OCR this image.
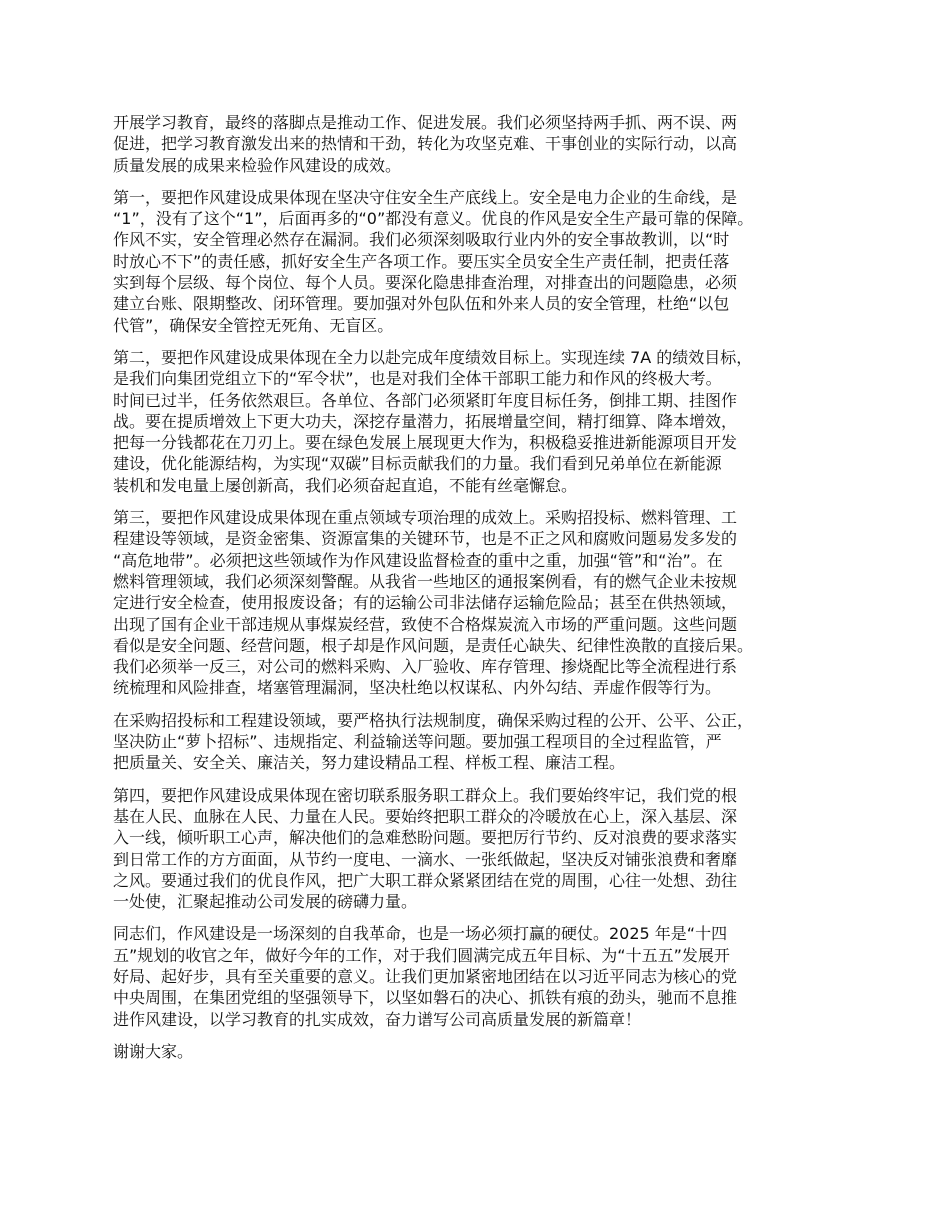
开展学习教育，最终的落脚点是推动工作、促进发展。我们必须坚持两手抓、两不误、两
促进，把学习教育激发出来的热情和干劲，转化为攻坚克难、干事创业的实际行动，以高
质量发展的成果来检验作风建设的成效。
第一，要把作风建设成果体现在坚决守住安全生产底线上。安全是电力企业的生命线，是
“1”，没有了这个“1”，后面再多的“0”都没有意义。优良的作风是安全生产最可靠的保障。
作风不实，安全管理必然存在漏洞。我们必须深刻吸取行业内外的安全事故教训，以“时
时放心不下”的责任感，抓好安全生产各项工作。要压实全员安全生产责任制，把责任落
实到每个层级、每个岗位、每个人员。要深化隐患排查治理，对排查出的问题隐患，必须
建立台账、限期整改、闭环管理。要加强对外包队伍和外来人员的安全管理，杜绝“以包
代管”，确保安全管控无死角、无盲区。
第二，要把作风建设成果体现在全力以赴完成年度绩效目标上。实现连续 7A 的绩效目标，
是我们向集团党组立下的“军令状”，也是对我们全体干部职工能力和作风的终极大考。
时间已过半，任务依然艰巨。各单位、各部门必须紧盯年度目标任务，倒排工期、挂图作
战。要在提质增效上下更大功夫，深挖存量潜力，拓展增量空间，精打细算、降本增效，
把每一分钱都花在刀刃上。要在绿色发展上展现更大作为，积极稳妥推进新能源项目开发
建设，优化能源结构，为实现“双碳”目标贡献我们的力量。我们看到兄弟单位在新能源
装机和发电量上屡创新高，我们必须奋起直追，不能有丝毫懈怠。
第三，要把作风建设成果体现在重点领域专项治理的成效上。采购招投标、燃料管理、工
程建设等领域，是资金密集、资源富集的关键环节，也是不正之风和腐败问题易发多发的
“高危地带”。必须把这些领域作为作风建设监督检查的重中之重，加强“管”和“治”。在
燃料管理领域，我们必须深刻警醒。从我省一些地区的通报案例看，有的燃气企业未按规
定进行安全检查，使用报废设备；有的运输公司非法储存运输危险品；甚至在供热领域，
出现了国有企业干部违规从事煤炭经营，致使不合格煤炭流入市场的严重问题。这些问题
看似是安全问题、经营问题，根子却是作风问题，是责任心缺失、纪律性涣散的直接后果。
我们必须举一反三，对公司的燃料采购、入厂验收、库存管理、掺烧配比等全流程进行系
统梳理和风险排查，堵塞管理漏洞，坚决杜绝以权谋私、内外勾结、弄虚作假等行为。
在采购招投标和工程建设领域，要严格执行法规制度，确保采购过程的公开、公平、公正，
坚决防止“萝卜招标”、违规指定、利益输送等问题。要加强工程项目的全过程监管，严
把质量关、安全关、廉洁关，努力建设精品工程、样板工程、廉洁工程。
第四，要把作风建设成果体现在密切联系服务职工群众上。我们要始终牢记，我们党的根
基在人民、血脉在人民、力量在人民。要始终把职工群众的冷暖放在心上，深入基层、深
入一线，倾听职工心声，解决他们的急难愁盼问题。要把厉行节约、反对浪费的要求落实
到日常工作的方方面面，从节约一度电、一滴水、一张纸做起，坚决反对铺张浪费和奢靡
之风。要通过我们的优良作风，把广大职工群众紧紧团结在党的周围，心往一处想、劲往
一处使，汇聚起推动公司发展的磅礴力量。
同志们，作风建设是一场深刻的自我革命，也是一场必须打赢的硬仗。2025 年是“十四
五”规划的收官之年，做好今年的工作，对于我们圆满完成五年目标、为“十五五”发展开
好局、起好步，具有至关重要的意义。让我们更加紧密地团结在以习近平同志为核心的党
中央周围，在集团党组的坚强领导下，以坚如磐石的决心、抓铁有痕的劲头，驰而不息推
进作风建设，以学习教育的扎实成效，奋力谱写公司高质量发展的新篇章！
谢谢大家。
